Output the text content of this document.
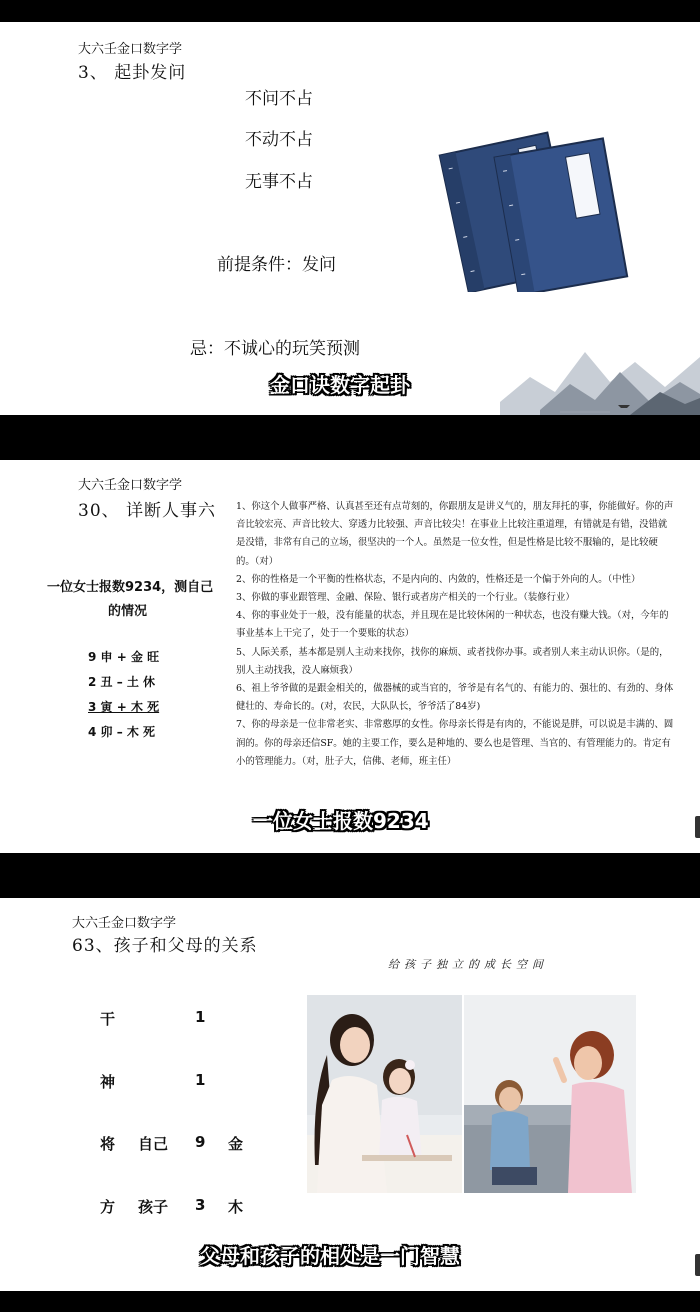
大六壬金口数字学
3、 起卦发问
不问不占
不动不占
无事不占
前提条件：发问
忌：不诚心的玩笑预测
金口诀数字起卦
大六壬金口数字学
30、 详断人事六
一位女士报数9234，测自己
的情况
9 申 + 金 旺
2 丑 – 土 休
3 寅 + 木 死
4 卯 – 木 死

1、你这个人做事严格、认真甚至还有点苛刻的，你跟朋友是讲义气的，朋友拜托的事，你能做好。你的声音比较宏亮、声音比较大、穿透力比较强、声音比较尖！在事业上比较注重道理，有错就是有错，没错就是没错，非常有自己的立场，很坚决的一个人。虽然是一位女性，但是性格是比较不服输的，是比较硬的。（对）

2、你的性格是一个平衡的性格状态，不是内向的、内敛的，性格还是一个偏于外向的人。（中性）

3、你做的事业跟管理、金融、保险、银行或者房产相关的一个行业。（装修行业）

4、你的事业处于一般，没有能量的状态，并且现在是比较休闲的一种状态，也没有赚大钱。（对，今年的事业基本上干完了，处于一个要账的状态）

5、人际关系，基本都是别人主动来找你，找你的麻烦、或者找你办事。或者别人来主动认识你。（是的，别人主动找我，没人麻烦我）

6、祖上爷爷做的是跟金相关的，做器械的或当官的，爷爷是有名气的、有能力的、强壮的、有劲的、身体健壮的、寿命长的。(对，农民，大队队长，爷爷活了84岁)

7、你的母亲是一位非常老实、非常憨厚的女性。你母亲长得是有肉的，不能说是胖，可以说是丰满的、圆润的。你的母亲还信SF。她的主要工作，要么是种地的、要么也是管理、当官的、有管理能力的。肯定有小的管理能力。（对，肚子大，信佛、老师，班主任）

一位女士报数9234
大六壬金口数字学
63、孩子和父母的关系
给孩子独立的成长空间
干	1
神	1
将 自己 9 金
方 孩子 3 木
父母和孩子的相处是一门智慧
